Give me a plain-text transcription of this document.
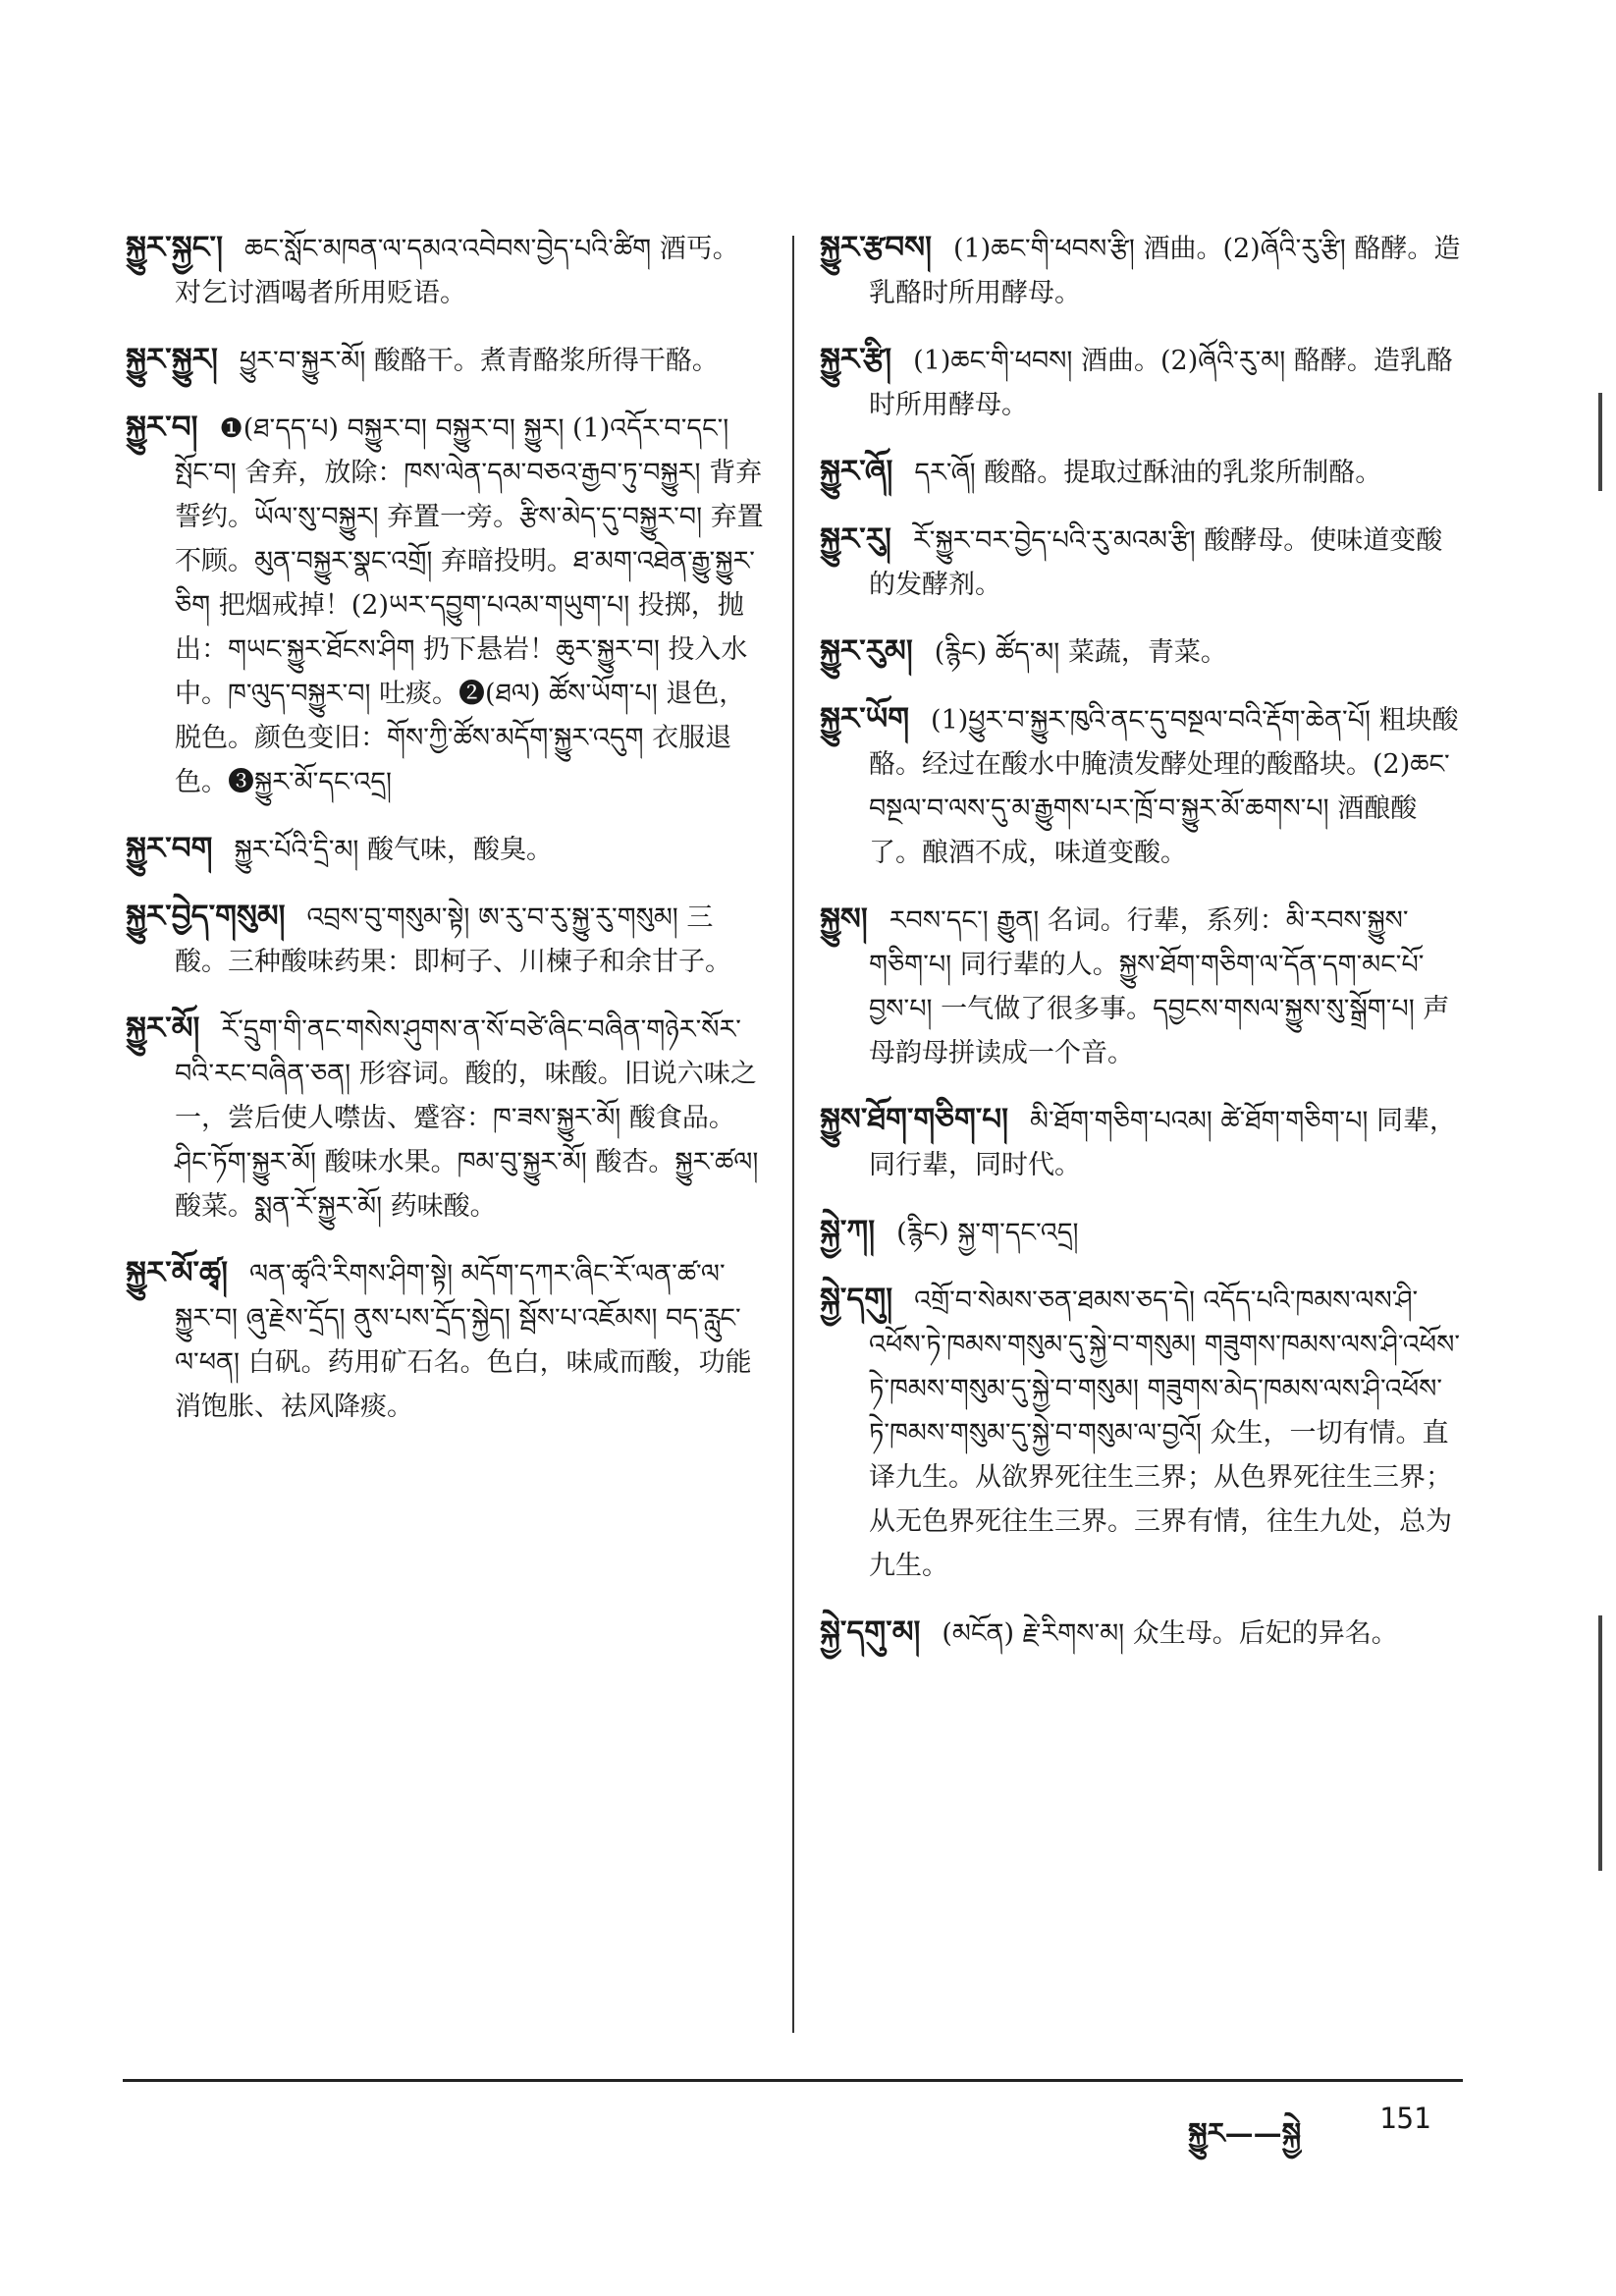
སྐྱུར་སྐྱང་། ཆང་སློང་མཁན་ལ་དམའ་འབེབས་བྱེད་པའི་ཚིག 酒丐。对乞讨酒喝者所用贬语。
སྐྱུར་སྐྱུར། ཕྱུར་བ་སྐྱུར་མོ། 酸酪干。煮青酪浆所得干酪。
སྐྱུར་བ། ❶(ཐ་དད་པ) བསྐྱུར་བ། བསྐྱུར་བ། སྐྱུར། (1)འདོར་བ་དང་། སྤོང་བ། 舍弃，放除：ཁས་ལེན་དམ་བཅའ་རྒྱབ་ཏུ་བསྐྱུར། 背弃誓约。ཡོལ་སུ་བསྐྱུར། 弃置一旁。རྩིས་མེད་དུ་བསྐྱུར་བ། 弃置不顾。མུན་བསྐྱུར་སྣང་འགྲོ། 弃暗投明。ཐ་མག་འཐེན་རྒྱུ་སྐྱུར་ཅིག 把烟戒掉！(2)ཡར་དབྱུག་པའམ་གཡུག་པ། 投掷，抛出：གཡང་སྐྱུར་ཐོངས་ཤིག 扔下悬岩！ཆུར་སྐྱུར་བ། 投入水中。ཁ་ལུད་བསྐྱུར་བ། 吐痰。❷(ཐལ) ཚོས་ཡོག་པ། 退色，脱色。颜色变旧：གོས་ཀྱི་ཚོས་མདོག་སྐྱུར་འདུག 衣服退色。❸སྐྱུར་མོ་དང་འདྲ།
སྐྱུར་བག སྐྱུར་པོའི་དྲི་མ། 酸气味，酸臭。
སྐྱུར་བྱེད་གསུམ། འབྲས་བུ་གསུམ་སྟེ། ཨ་རུ་བ་རུ་སྐྱུ་རུ་གསུམ། 三酸。三种酸味药果：即柯子、川楝子和余甘子。
སྐྱུར་མོ། རོ་དྲུག་གི་ནང་གསེས་ཤུགས་ན་སོ་བཙེ་ཞིང་བཞིན་གཉེར་སོར་བའི་རང་བཞིན་ཅན། 形容词。酸的，味酸。旧说六味之一，尝后使人噤齿、蹙容：ཁ་ཟས་སྐྱུར་མོ། 酸食品。ཤིང་ཏོག་སྐྱུར་མོ། 酸味水果。ཁམ་བུ་སྐྱུར་མོ། 酸杏。སྐྱུར་ཚལ། 酸菜。སྨན་རོ་སྐྱུར་མོ། 药味酸。
སྐྱུར་མོ་ཚྭ། ལན་ཚྭའི་རིགས་ཤིག་སྟེ། མདོག་དཀར་ཞིང་རོ་ལན་ཚ་ལ་སྐྱུར་བ། ཞུ་རྗེས་དྲོད། ནུས་པས་དྲོད་སྐྱེད། སྦོས་པ་འཇོམས། བད་རླུང་ལ་ཕན། 白矾。药用矿石名。色白，味咸而酸，功能消饱胀、祛风降痰。
སྐྱུར་རྩབས། (1)ཆང་གི་ཕབས་རྩི། 酒曲。(2)ཞོའི་རུ་རྩི། 酪酵。造乳酪时所用酵母。
སྐྱུར་རྩི། (1)ཆང་གི་ཕབས། 酒曲。(2)ཞོའི་རུ་མ། 酪酵。造乳酪时所用酵母。
སྐྱུར་ཞོ། དར་ཞོ། 酸酪。提取过酥油的乳浆所制酪。
སྐྱུར་རུ། རོ་སྐྱུར་བར་བྱེད་པའི་རུ་མའམ་རྩི། 酸酵母。使味道变酸的发酵剂。
སྐྱུར་རུམ། (རྙིང) ཚོད་མ། 菜蔬，青菜。
སྐྱུར་ཡོག (1)ཕྱུར་བ་སྐྱུར་ཁུའི་ནང་དུ་བསྔལ་བའི་རྡོག་ཆེན་པོ། 粗块酸酪。经过在酸水中腌渍发酵处理的酸酪块。(2)ཆང་བསྔལ་བ་ལས་དུ་མ་རྒྱུགས་པར་ཁྲོ་བ་སྐྱུར་མོ་ཆགས་པ། 酒酿酸了。酿酒不成，味道变酸。
སྐྱུས། རབས་དང་། རྒྱུན། 名词。行辈，系列：མི་རབས་སྐྱུས་གཅིག་པ། 同行辈的人。སྐྱུས་ཐོག་གཅིག་ལ་དོན་དག་མང་པོ་བྱས་པ། 一气做了很多事。དབྱངས་གསལ་སྐྱུས་སུ་སྒྲོག་པ། 声母韵母拼读成一个音。
སྐྱུས་ཐོག་གཅིག་པ། མི་ཐོག་གཅིག་པའམ། ཚེ་ཐོག་གཅིག་པ། 同辈，同行辈，同时代。
སྐྱེ་ཀ། (རྙིང) སྐྱ་ག་དང་འདྲ།
སྐྱེ་དགུ། འགྲོ་བ་སེམས་ཅན་ཐམས་ཅད་དེ། འདོད་པའི་ཁམས་ལས་ཤི་འཕོས་ཏེ་ཁམས་གསུམ་དུ་སྐྱེ་བ་གསུམ། གཟུགས་ཁམས་ལས་ཤི་འཕོས་ཏེ་ཁམས་གསུམ་དུ་སྐྱེ་བ་གསུམ། གཟུགས་མེད་ཁམས་ལས་ཤི་འཕོས་ཏེ་ཁམས་གསུམ་དུ་སྐྱེ་བ་གསུམ་ལ་བྱའོ། 众生，一切有情。直译九生。从欲界死往生三界；从色界死往生三界；从无色界死往生三界。三界有情，往生九处，总为九生。
སྐྱེ་དགུ་མ། (མངོན) རྗེ་རིགས་མ། 众生母。后妃的异名。
སྐྱུར——སྐྱེ	151
